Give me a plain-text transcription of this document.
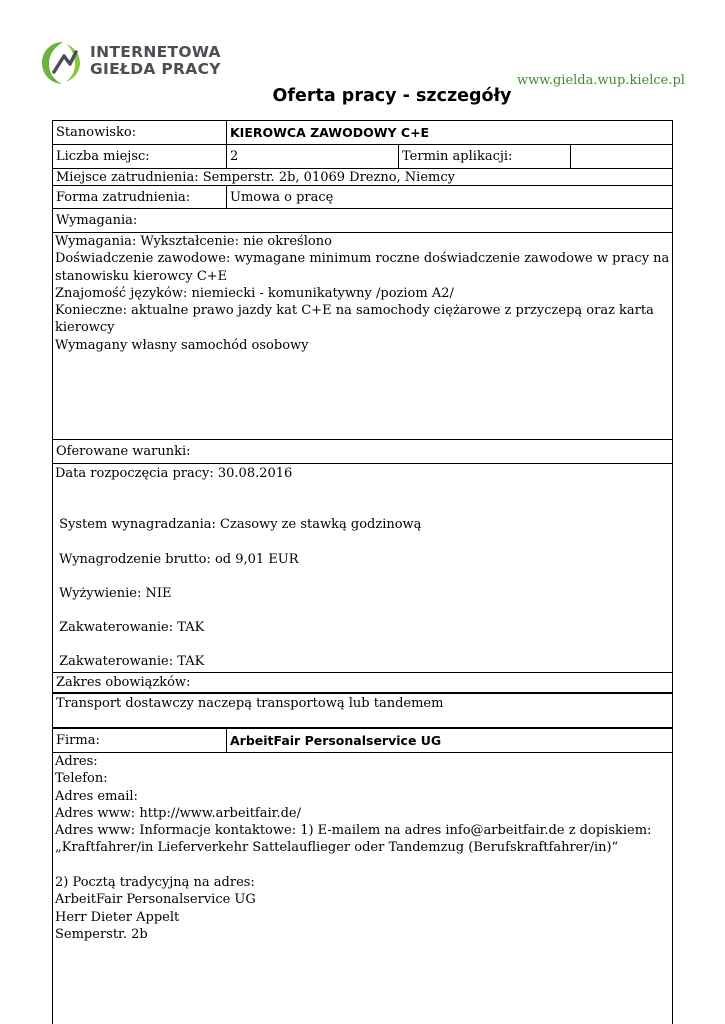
INTERNETOWA
GIEŁDA PRACY
www.gielda.wup.kielce.pl
Oferta pracy - szczegóły
Stanowisko:	KIEROWCA ZAWODOWY C+E
Liczba miejsc:	2	Termin aplikacji:
Miejsce zatrudnienia: Semperstr. 2b, 01069 Drezno, Niemcy
Forma zatrudnienia:	Umowa o pracę
Wymagania:

Wymagania: Wykształcenie: nie określono

Doświadczenie zawodowe: wymagane minimum roczne doświadczenie zawodowe w pracy na

stanowisku kierowcy C+E

Znajomość języków: niemiecki - komunikatywny /poziom A2/

Konieczne: aktualne prawo jazdy kat C+E na samochody ciężarowe z przyczepą oraz karta

kierowcy

Wymagany własny samochód osobowy

Oferowane warunki:

Data rozpoczęcia pracy: 30.08.2016

System wynagradzania: Czasowy ze stawką godzinową

Wynagrodzenie brutto: od 9,01 EUR

Wyżywienie: NIE

Zakwaterowanie: TAK

Zakwaterowanie: TAK

Zakres obowiązków:
Transport dostawczy naczepą transportową lub tandemem
Firma:	ArbeitFair Personalservice UG

Adres:

Telefon:

Adres email:

Adres www: http://www.arbeitfair.de/

Adres www: Informacje kontaktowe: 1) E-mailem na adres info@arbeitfair.de z dopiskiem:

„Kraftfahrer/in Lieferverkehr Sattelauflieger oder Tandemzug (Berufskraftfahrer/in)“

2) Pocztą tradycyjną na adres:

ArbeitFair Personalservice UG

Herr Dieter Appelt

Semperstr. 2b
